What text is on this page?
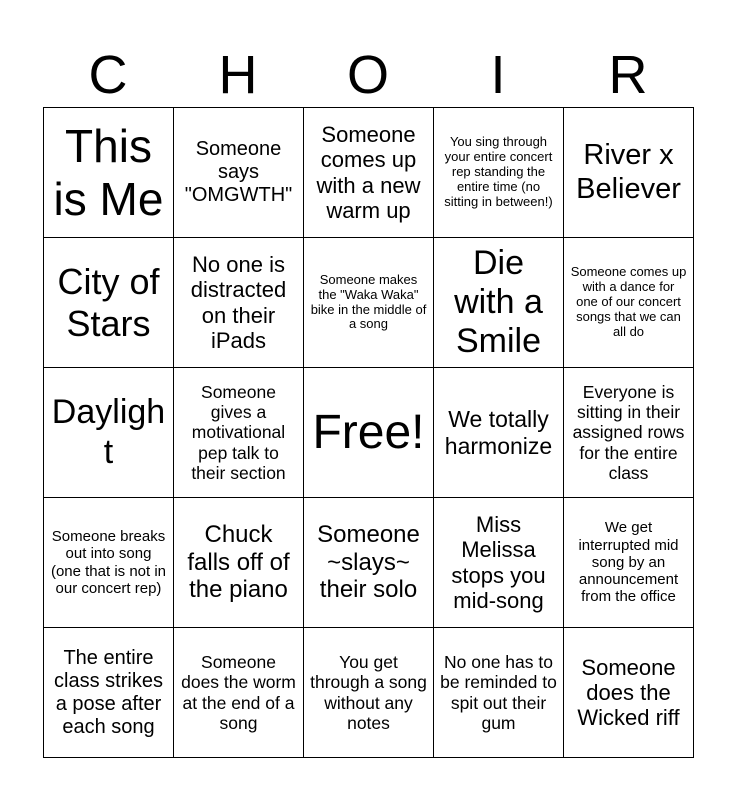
C	H	O	I	R
This is Me	Someone says "OMGWTH"	Someone comes up with a new warm up	You sing through your entire concert rep standing the entire time (no sitting in between!)	River x Believer
City of Stars	No one is distracted on their iPads	Someone makes the "Waka Waka" bike in the middle of a song	Die with a Smile	Someone comes up with a dance for one of our concert songs that we can all do
Daylight	Someone gives a motivational pep talk to their section	Free!	We totally harmonize	Everyone is sitting in their assigned rows for the entire class
Someone breaks out into song (one that is not in our concert rep)	Chuck falls off of the piano	Someone ~slays~ their solo	Miss Melissa stops you mid-song	We get interrupted mid song by an announcement from the office
The entire class strikes a pose after each song	Someone does the worm at the end of a song	You get through a song without any notes	No one has to be reminded to spit out their gum	Someone does the Wicked riff
